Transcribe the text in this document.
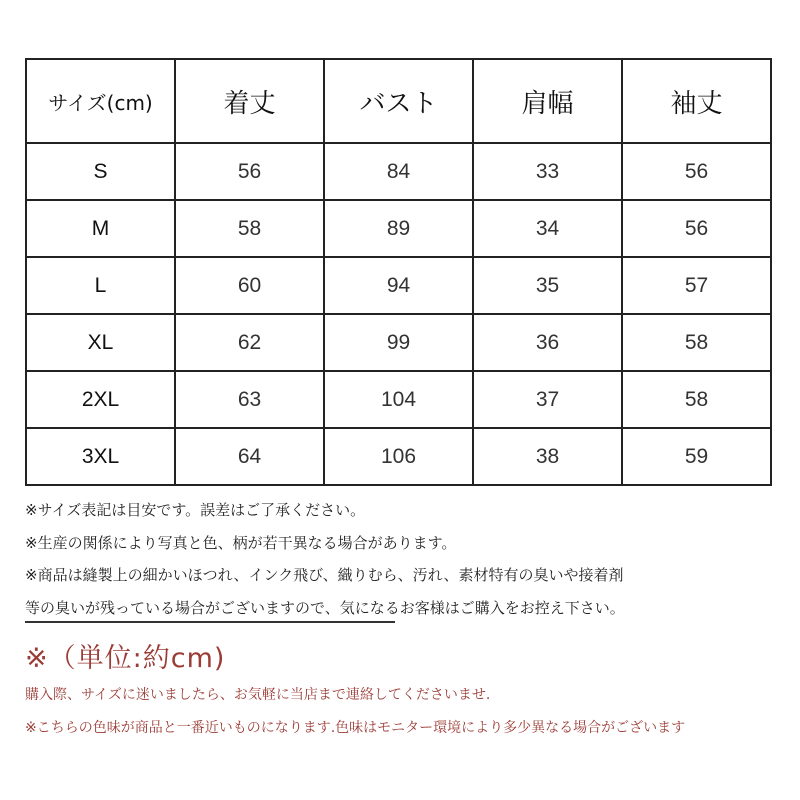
サイズ(cm)	着丈	バスト	肩幅	袖丈
S	56	84	33	56
M	58	89	34	56
L	60	94	35	57
XL	62	99	36	58
2XL	63	104	37	58
3XL	64	106	38	59
※サイズ表記は目安です。誤差はご了承ください。
※生産の関係により写真と色、柄が若干異なる場合があります。
※商品は縫製上の細かいほつれ、インク飛び、織りむら、汚れ、素材特有の臭いや接着剤
等の臭いが残っている場合がございますので、気になるお客様はご購入をお控え下さい。
※（単位:約cm)
購入際、サイズに迷いましたら、お気軽に当店まで連絡してくださいませ.
※こちらの色味が商品と一番近いものになります.色味はモニター環境により多少異なる場合がございます
